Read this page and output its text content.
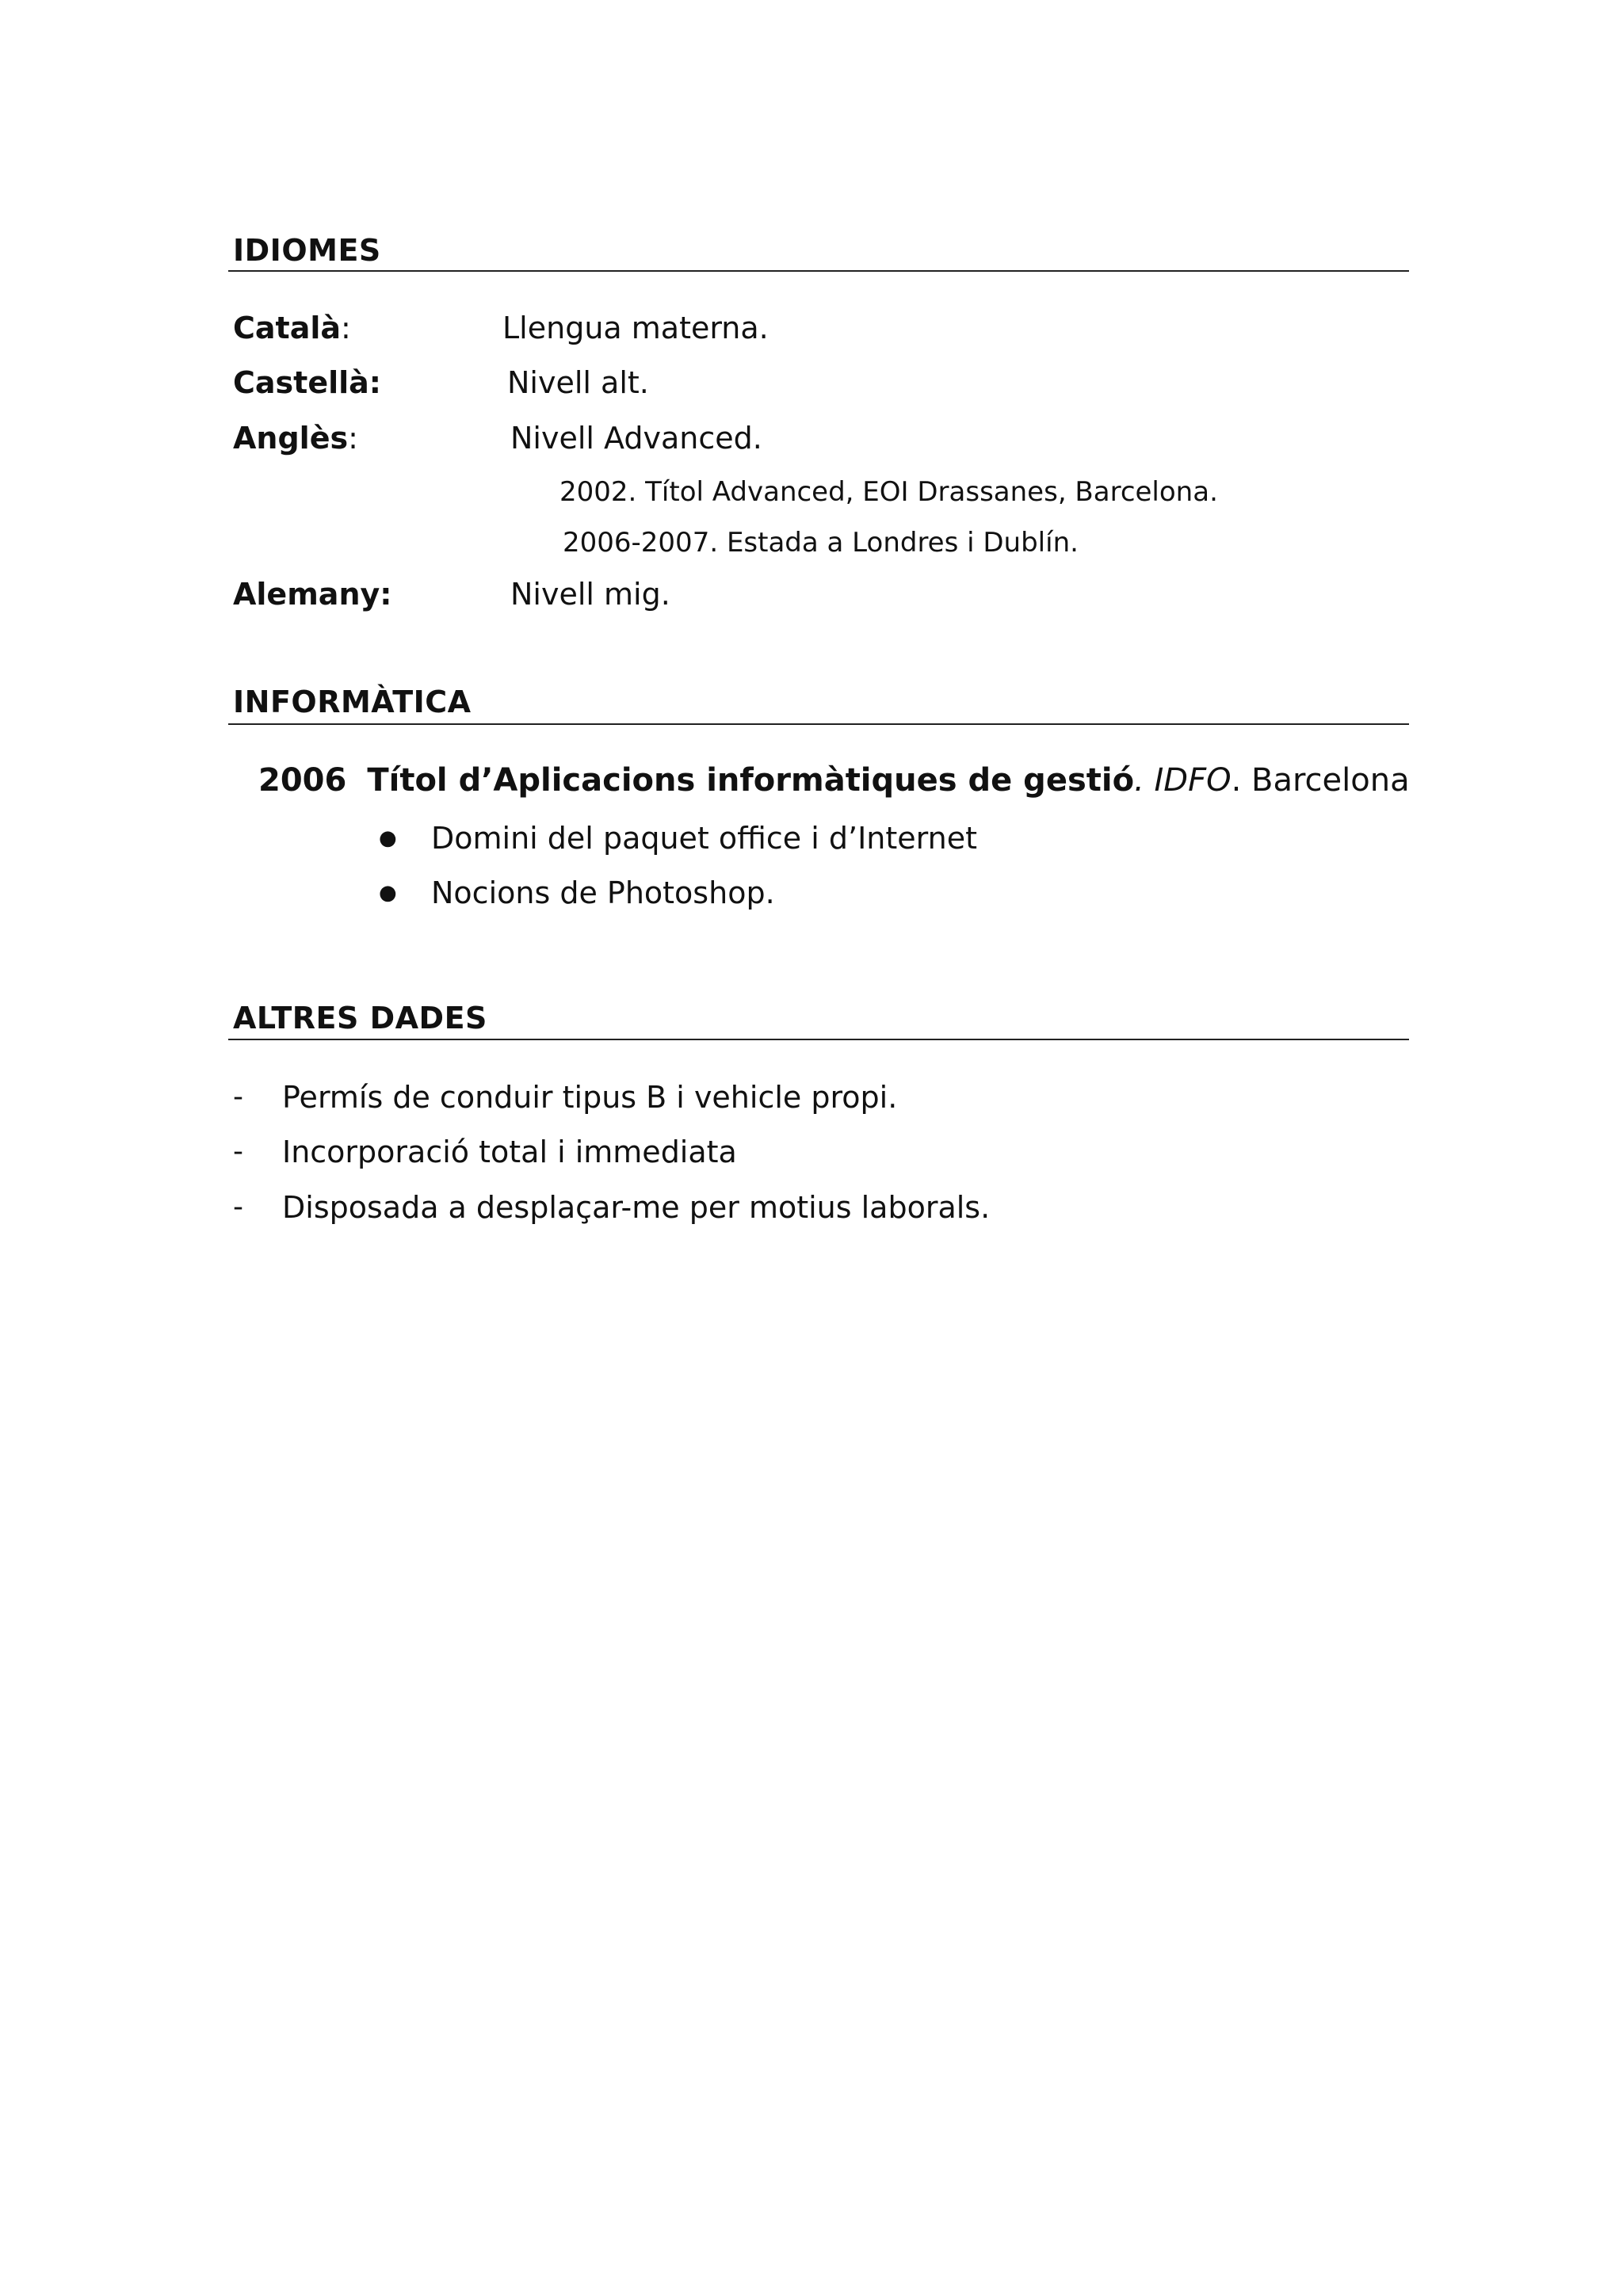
IDIOMES
Català:	Llengua materna.
Castellà:	Nivell alt.
Anglès:	Nivell Advanced.
2002. Títol Advanced, EOI Drassanes, Barcelona.
2006-2007. Estada a Londres i Dublín.
Alemany:	Nivell mig.
INFORMÀTICA
2006 Títol d’Aplicacions informàtiques de gestió. IDFO. Barcelona
● Domini del paquet office i d’Internet
● Nocions de Photoshop.
ALTRES DADES
- Permís de conduir tipus B i vehicle propi.
- Incorporació total i immediata
- Disposada a desplaçar-me per motius laborals.
